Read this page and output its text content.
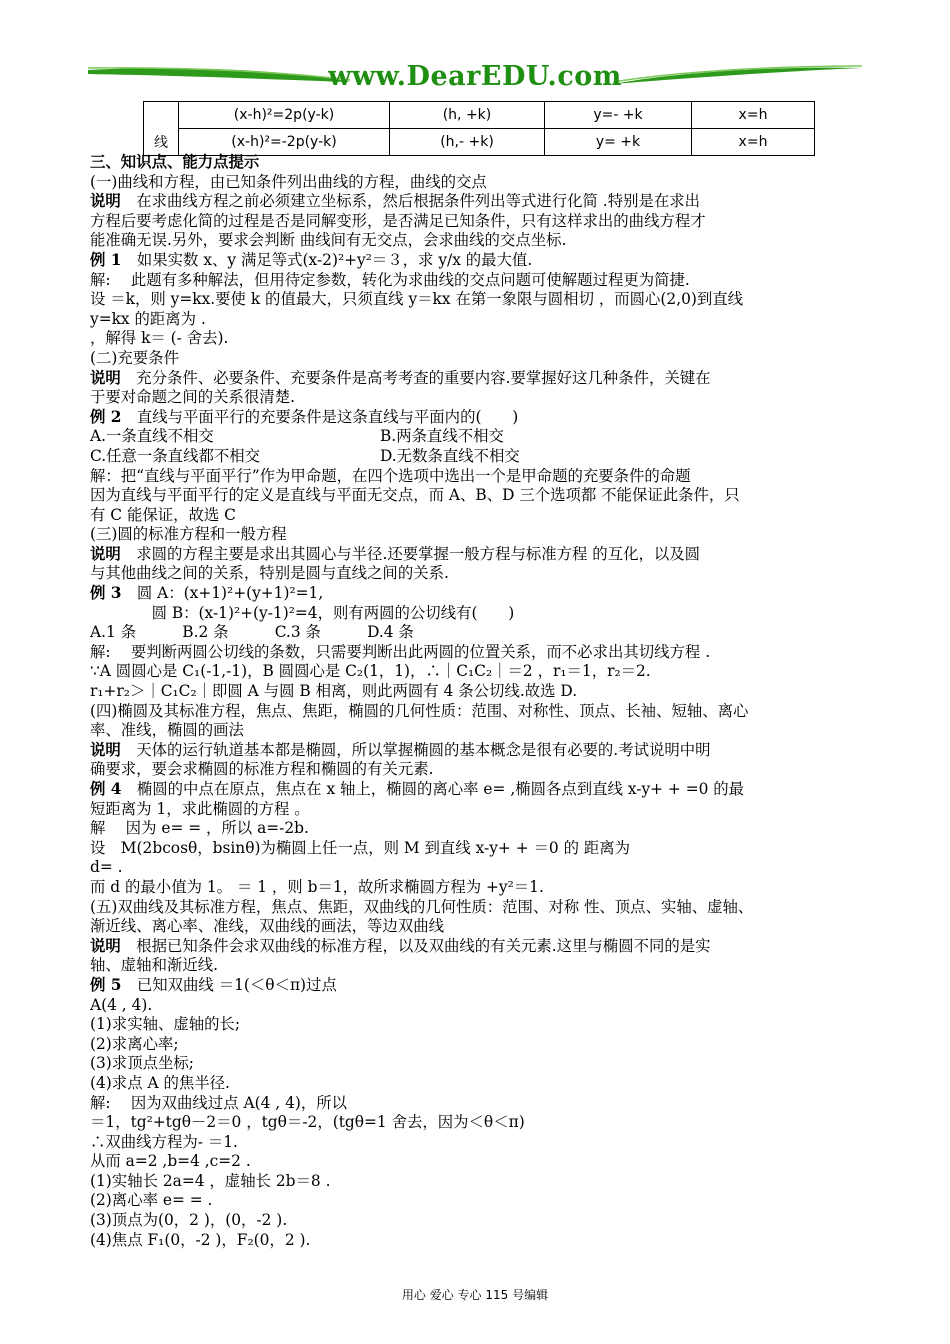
www.DearEDU.com
线	(x-h)²=2p(y-k)	(h, +k)	y=- +k	x=h
	(x-h)²=-2p(y-k)	(h,- +k)	y= +k	x=h
三、知识点、能力点提示
(一)曲线和方程，由已知条件列出曲线的方程，曲线的交点
说明　在求曲线方程之前必须建立坐标系，然后根据条件列出等式进行化简 .特别是在求出
方程后要考虑化简的过程是否是同解变形，是否满足已知条件，只有这样求出的曲线方程才
能准确无误.另外，要求会判断 曲线间有无交点，会求曲线的交点坐标.
例 1　如果实数 x、y 满足等式(x-2)²+y²＝３，求 y/x 的最大值.
解:　 此题有多种解法，但用待定参数，转化为求曲线的交点问题可使解题过程更为简捷.
设 ＝k，则 y=kx.要使 k 的值最大，只须直线 y＝kx 在第一象限与圆相切 ，而圆心(2,0)到直线
y=kx 的距离为 .
，解得 k＝ (- 舍去).
(二)充要条件
说明　充分条件、必要条件、充要条件是高考考查的重要内容.要掌握好这几种条件，关键在
于要对命题之间的关系很清楚.
例 2　直线与平面平行的充要条件是这条直线与平面内的(　　)
A.一条直线不相交	B.两条直线不相交
C.任意一条直线都不相交	D.无数条直线不相交
解：把“直线与平面平行”作为甲命题，在四个选项中选出一个是甲命题的充要条件的命题
因为直线与平面平行的定义是直线与平面无交点，而 A、B、D 三个选项都 不能保证此条件，只
有 C 能保证，故选 C
(三)圆的标准方程和一般方程
说明　求圆的方程主要是求出其圆心与半径.还要掌握一般方程与标准方程 的互化，以及圆
与其他曲线之间的关系，特别是圆与直线之间的关系.
例 3　圆 A：(x+1)²+(y+1)²=1,
　　　　圆 B：(x-1)²+(y-1)²=4，则有两圆的公切线有(　　)
A.1 条　　　B.2 条　　　C.3 条　　　D.4 条
解:　 要判断两圆公切线的条数，只需要判断出此两圆的位置关系，而不必求出其切线方程 .
∵A 圆圆心是 C₁(-1,-1)，B 圆圆心是 C₂(1，1)，∴｜C₁C₂｜＝2 ，r₁＝1，r₂＝2.
r₁+r₂＞｜C₁C₂｜即圆 A 与圆 B 相离，则此两圆有 4 条公切线.故选 D.
(四)椭圆及其标准方程，焦点、焦距，椭圆的几何性质：范围、对称性、顶点、长袖、短轴、离心
率、准线，椭圆的画法
说明　天体的运行轨道基本都是椭圆，所以掌握椭圆的基本概念是很有必要的.考试说明中明
确要求，要会求椭圆的标准方程和椭圆的有关元素.
例 4　椭圆的中点在原点，焦点在 x 轴上，椭圆的离心率 e= ,椭圆各点到直线 x-y+ + =0 的最
短距离为 1，求此椭圆的方程 。
解　 因为 e= = ，所以 a=-2b.
设　M(2bcosθ，bsinθ)为椭圆上任一点，则 M 到直线 x-y+ + ＝0 的 距离为
d= .
而 d 的最小值为 1。 ＝ 1 ，则 b＝1，故所求椭圆方程为 +y²＝1.
(五)双曲线及其标准方程，焦点、焦距，双曲线的几何性质：范围、对称 性、顶点、实轴、虚轴、
渐近线、离心率、准线，双曲线的画法，等边双曲线
说明　根据已知条件会求双曲线的标准方程，以及双曲线的有关元素.这里与椭圆不同的是实
轴、虚轴和渐近线.
例 5　已知双曲线 ＝1(＜θ＜π)过点
A(4 , 4).
(1)求实轴、虚轴的长;
(2)求离心率;
(3)求顶点坐标;
(4)求点 A 的焦半径.
解:　 因为双曲线过点 A(4 , 4)，所以
＝1，tg²+tgθ－2＝0 ，tgθ＝-2，(tgθ=1 舍去，因为＜θ＜π)
∴双曲线方程为- ＝1.
从而 a=2 ,b=4 ,c=2 .
(1)实轴长 2a=4 ，虚轴长 2b＝8 .
(2)离心率 e= = .
(3)顶点为(0，2 )，(0，-2 ).
(4)焦点 F₁(0，-2 )，F₂(0，2 ).
用心 爱心 专心 115 号编辑
